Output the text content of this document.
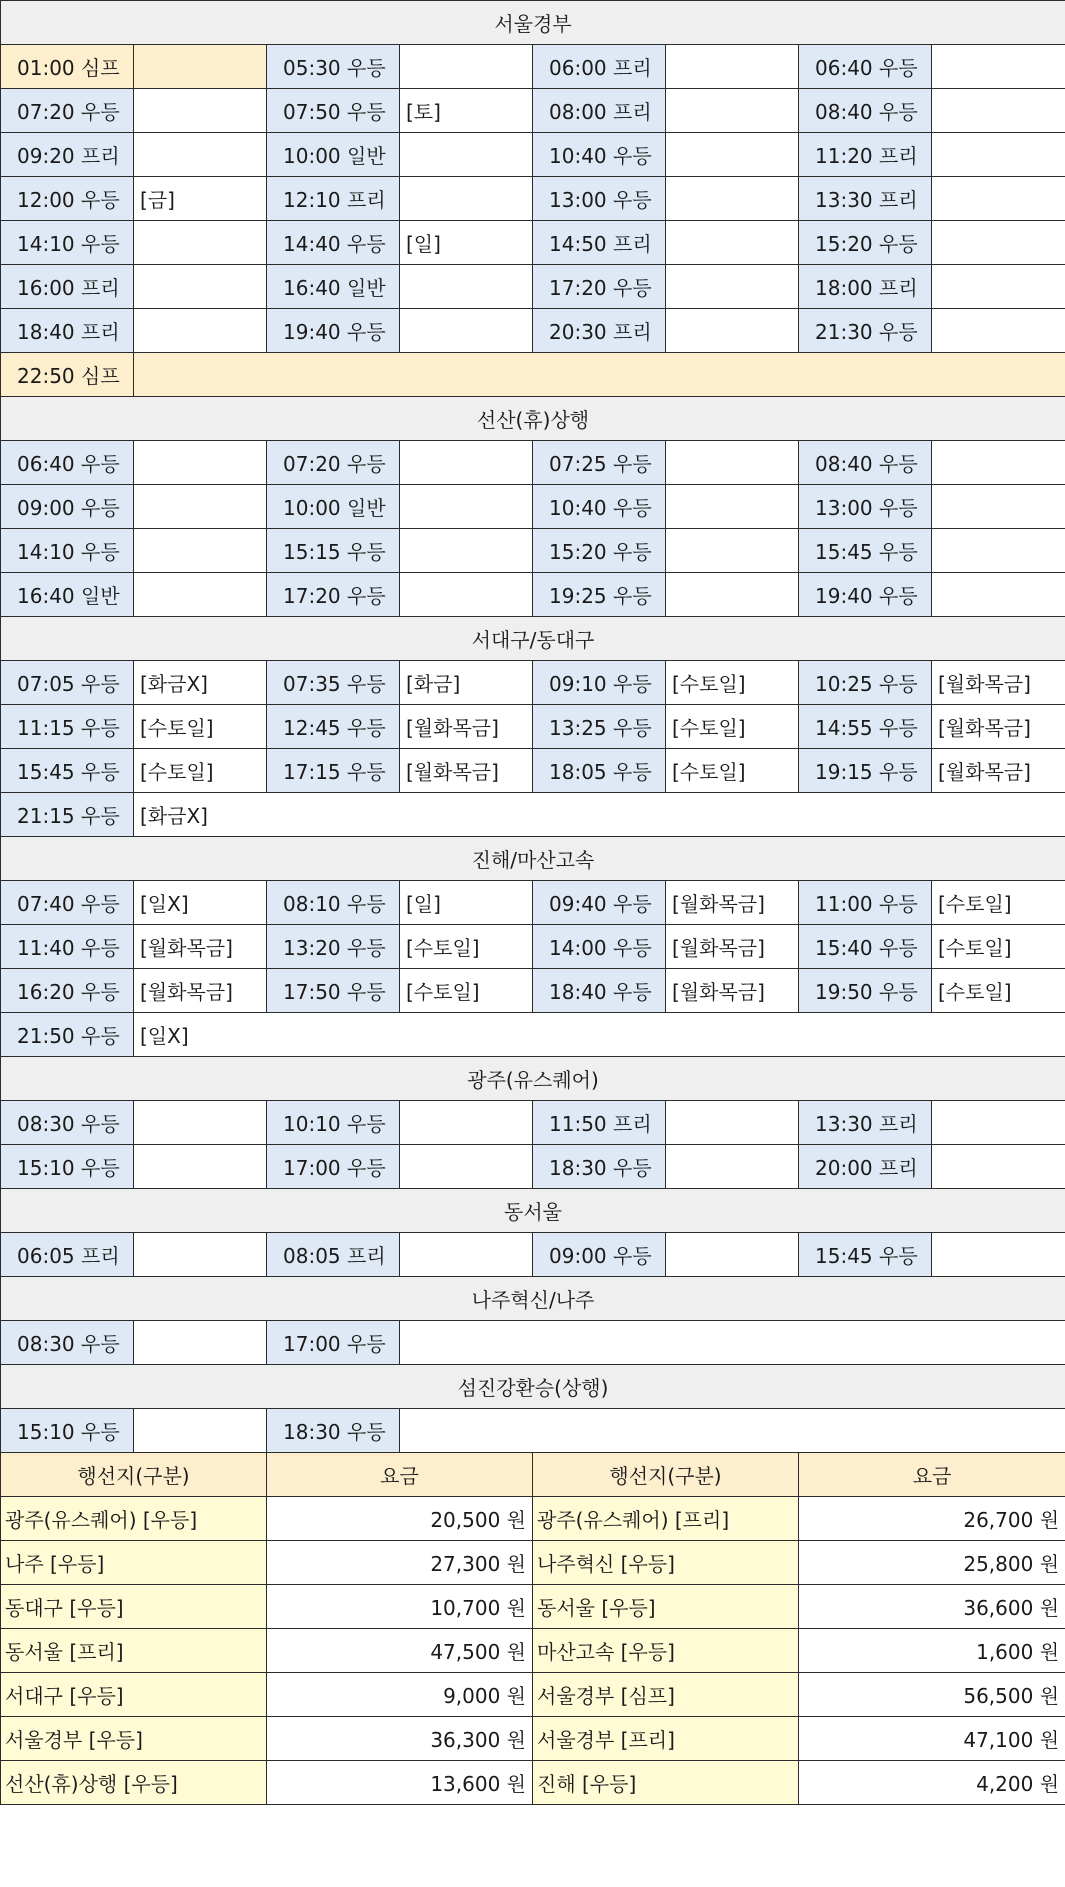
서울경부							
01:00 심프		05:30 우등		06:00 프리		06:40 우등	
07:20 우등		07:50 우등	[토]	08:00 프리		08:40 우등	
09:20 프리		10:00 일반		10:40 우등		11:20 프리	
12:00 우등	[금]	12:10 프리		13:00 우등		13:30 프리	
14:10 우등		14:40 우등	[일]	14:50 프리		15:20 우등	
16:00 프리		16:40 일반		17:20 우등		18:00 프리	
18:40 프리		19:40 우등		20:30 프리		21:30 우등	
22:50 심프							
선산(휴)상행							
06:40 우등		07:20 우등		07:25 우등		08:40 우등	
09:00 우등		10:00 일반		10:40 우등		13:00 우등	
14:10 우등		15:15 우등		15:20 우등		15:45 우등	
16:40 일반		17:20 우등		19:25 우등		19:40 우등	
서대구/동대구							
07:05 우등	[화금X]	07:35 우등	[화금]	09:10 우등	[수토일]	10:25 우등	[월화목금]
11:15 우등	[수토일]	12:45 우등	[월화목금]	13:25 우등	[수토일]	14:55 우등	[월화목금]
15:45 우등	[수토일]	17:15 우등	[월화목금]	18:05 우등	[수토일]	19:15 우등	[월화목금]
21:15 우등	[화금X]						
진해/마산고속							
07:40 우등	[일X]	08:10 우등	[일]	09:40 우등	[월화목금]	11:00 우등	[수토일]
11:40 우등	[월화목금]	13:20 우등	[수토일]	14:00 우등	[월화목금]	15:40 우등	[수토일]
16:20 우등	[월화목금]	17:50 우등	[수토일]	18:40 우등	[월화목금]	19:50 우등	[수토일]
21:50 우등	[일X]						
광주(유스퀘어)							
08:30 우등		10:10 우등		11:50 프리		13:30 프리	
15:10 우등		17:00 우등		18:30 우등		20:00 프리	
동서울							
06:05 프리		08:05 프리		09:00 우등		15:45 우등	
나주혁신/나주							
08:30 우등		17:00 우등					
섬진강환승(상행)							
15:10 우등		18:30 우등					
행선지(구분)		요금		행선지(구분)		요금	
광주(유스퀘어) [우등]		20,500 원		광주(유스퀘어) [프리]		26,700 원	
나주 [우등]		27,300 원		나주혁신 [우등]		25,800 원	
동대구 [우등]		10,700 원		동서울 [우등]		36,600 원	
동서울 [프리]		47,500 원		마산고속 [우등]		1,600 원	
서대구 [우등]		9,000 원		서울경부 [심프]		56,500 원	
서울경부 [우등]		36,300 원		서울경부 [프리]		47,100 원	
선산(휴)상행 [우등]		13,600 원		진해 [우등]		4,200 원	
